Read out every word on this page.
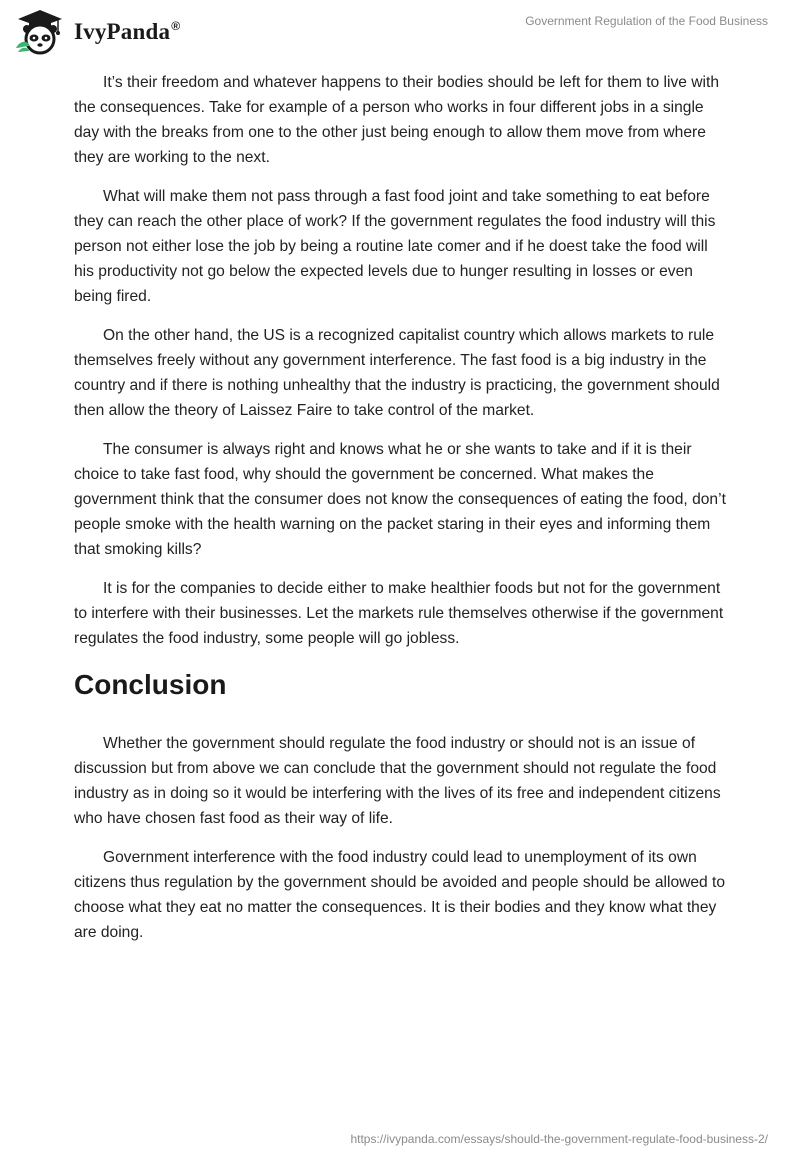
IvyPanda®	Government Regulation of the Food Business

It’s their freedom and whatever happens to their bodies should be left for them to live with the consequences. Take for example of a person who works in four different jobs in a single day with the breaks from one to the other just being enough to allow them move from where they are working to the next.

What will make them not pass through a fast food joint and take something to eat before they can reach the other place of work? If the government regulates the food industry will this person not either lose the job by being a routine late comer and if he doest take the food will his productivity not go below the expected levels due to hunger resulting in losses or even being fired.

On the other hand, the US is a recognized capitalist country which allows markets to rule themselves freely without any government interference. The fast food is a big industry in the country and if there is nothing unhealthy that the industry is practicing, the government should then allow the theory of Laissez Faire to take control of the market.

The consumer is always right and knows what he or she wants to take and if it is their choice to take fast food, why should the government be concerned. What makes the government think that the consumer does not know the consequences of eating the food, don’t people smoke with the health warning on the packet staring in their eyes and informing them that smoking kills?

It is for the companies to decide either to make healthier foods but not for the government to interfere with their businesses. Let the markets rule themselves otherwise if the government regulates the food industry, some people will go jobless.

Conclusion

Whether the government should regulate the food industry or should not is an issue of discussion but from above we can conclude that the government should not regulate the food industry as in doing so it would be interfering with the lives of its free and independent citizens who have chosen fast food as their way of life.

Government interference with the food industry could lead to unemployment of its own citizens thus regulation by the government should be avoided and people should be allowed to choose what they eat no matter the consequences. It is their bodies and they know what they are doing.

https://ivypanda.com/essays/should-the-government-regulate-food-business-2/
